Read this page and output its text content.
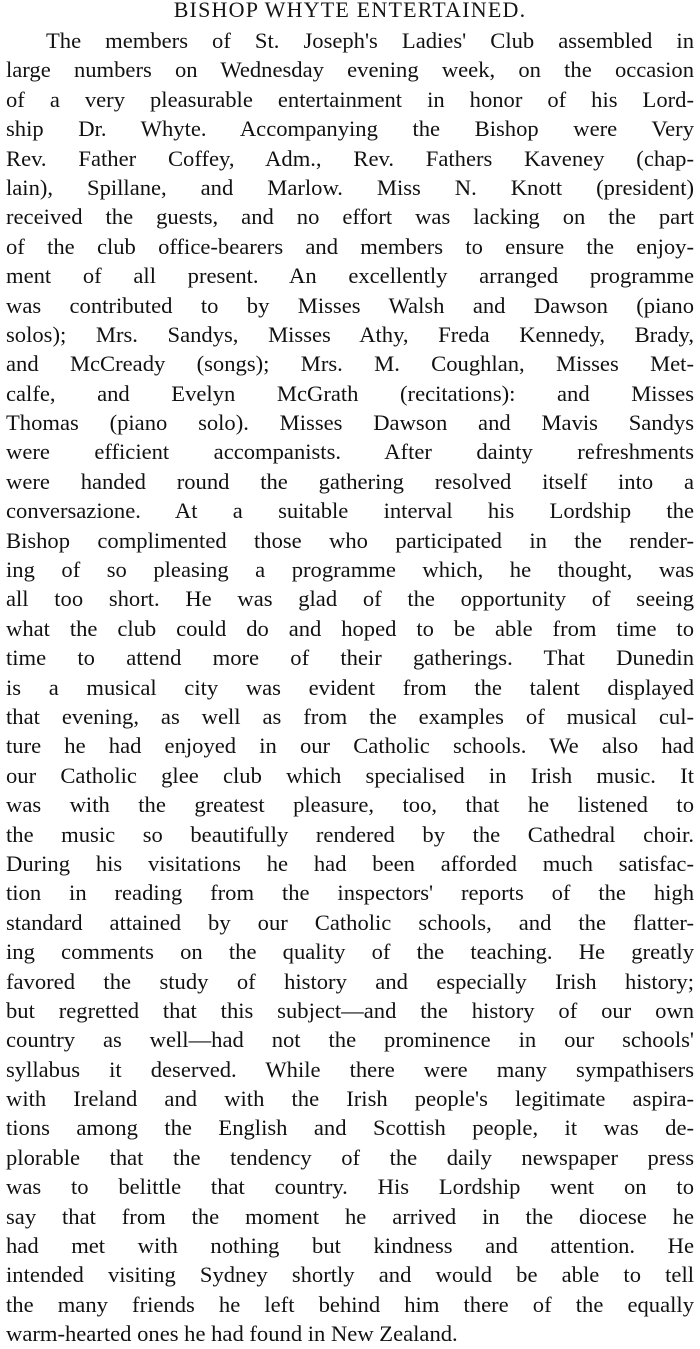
BISHOP WHYTE ENTERTAINED.
The members of St. Joseph's Ladies' Club assembled in
large numbers on Wednesday evening week, on the occasion
of a very pleasurable entertainment in honor of his Lord-
ship Dr. Whyte. Accompanying the Bishop were Very
Rev. Father Coffey, Adm., Rev. Fathers Kaveney (chap-
lain), Spillane, and Marlow. Miss N. Knott (president)
received the guests, and no effort was lacking on the part
of the club office-bearers and members to ensure the enjoy-
ment of all present. An excellently arranged programme
was contributed to by Misses Walsh and Dawson (piano
solos); Mrs. Sandys, Misses Athy, Freda Kennedy, Brady,
and McCready (songs); Mrs. M. Coughlan, Misses Met-
calfe, and Evelyn McGrath (recitations): and Misses
Thomas (piano solo). Misses Dawson and Mavis Sandys
were efficient accompanists. After dainty refreshments
were handed round the gathering resolved itself into a
conversazione. At a suitable interval his Lordship the
Bishop complimented those who participated in the render-
ing of so pleasing a programme which, he thought, was
all too short. He was glad of the opportunity of seeing
what the club could do and hoped to be able from time to
time to attend more of their gatherings. That Dunedin
is a musical city was evident from the talent displayed
that evening, as well as from the examples of musical cul-
ture he had enjoyed in our Catholic schools. We also had
our Catholic glee club which specialised in Irish music. It
was with the greatest pleasure, too, that he listened to
the music so beautifully rendered by the Cathedral choir.
During his visitations he had been afforded much satisfac-
tion in reading from the inspectors' reports of the high
standard attained by our Catholic schools, and the flatter-
ing comments on the quality of the teaching. He greatly
favored the study of history and especially Irish history;
but regretted that this subject—and the history of our own
country as well—had not the prominence in our schools'
syllabus it deserved. While there were many sympathisers
with Ireland and with the Irish people's legitimate aspira-
tions among the English and Scottish people, it was de-
plorable that the tendency of the daily newspaper press
was to belittle that country. His Lordship went on to
say that from the moment he arrived in the diocese he
had met with nothing but kindness and attention. He
intended visiting Sydney shortly and would be able to tell
the many friends he left behind him there of the equally
warm-hearted ones he had found in New Zealand.
